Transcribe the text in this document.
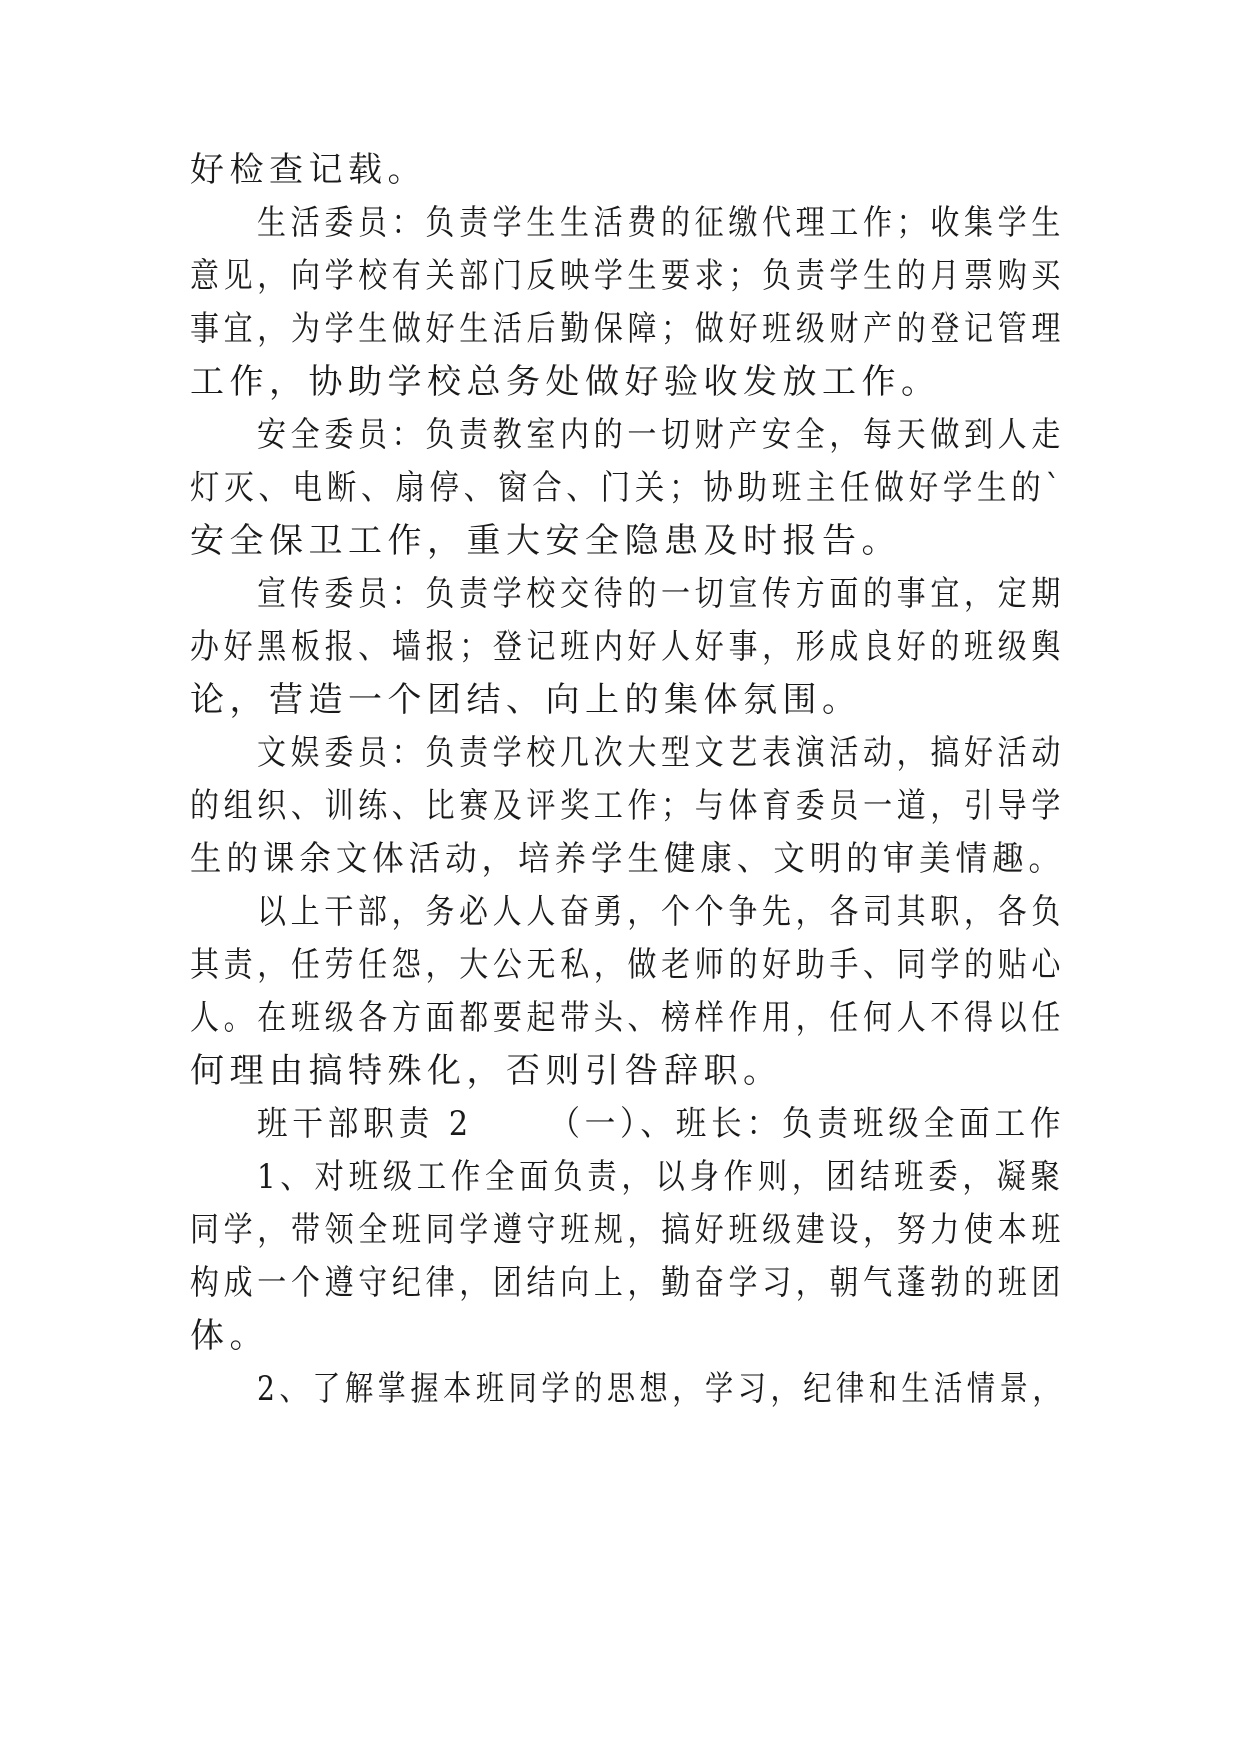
好检查记载。
生活委员：负责学生生活费的征缴代理工作；收集学生
意见，向学校有关部门反映学生要求；负责学生的月票购买
事宜，为学生做好生活后勤保障；做好班级财产的登记管理
工作，协助学校总务处做好验收发放工作。
安全委员：负责教室内的一切财产安全，每天做到人走
灯灭、电断、扇停、窗合、门关；协助班主任做好学生的`
安全保卫工作，重大安全隐患及时报告。
宣传委员：负责学校交待的一切宣传方面的事宜，定期
办好黑板报、墙报；登记班内好人好事，形成良好的班级舆
论，营造一个团结、向上的集体氛围。
文娱委员：负责学校几次大型文艺表演活动，搞好活动
的组织、训练、比赛及评奖工作；与体育委员一道，引导学
生的课余文体活动，培养学生健康、文明的审美情趣。
以上干部，务必人人奋勇，个个争先，各司其职，各负
其责，任劳任怨，大公无私，做老师的好助手、同学的贴心
人。在班级各方面都要起带头、榜样作用，任何人不得以任
何理由搞特殊化，否则引咎辞职。
班干部职责 2 （一）、班长：负责班级全面工作
1、对班级工作全面负责，以身作则，团结班委，凝聚
同学，带领全班同学遵守班规，搞好班级建设，努力使本班
构成一个遵守纪律，团结向上，勤奋学习，朝气蓬勃的班团
体。
2、了解掌握本班同学的思想，学习，纪律和生活情景，
